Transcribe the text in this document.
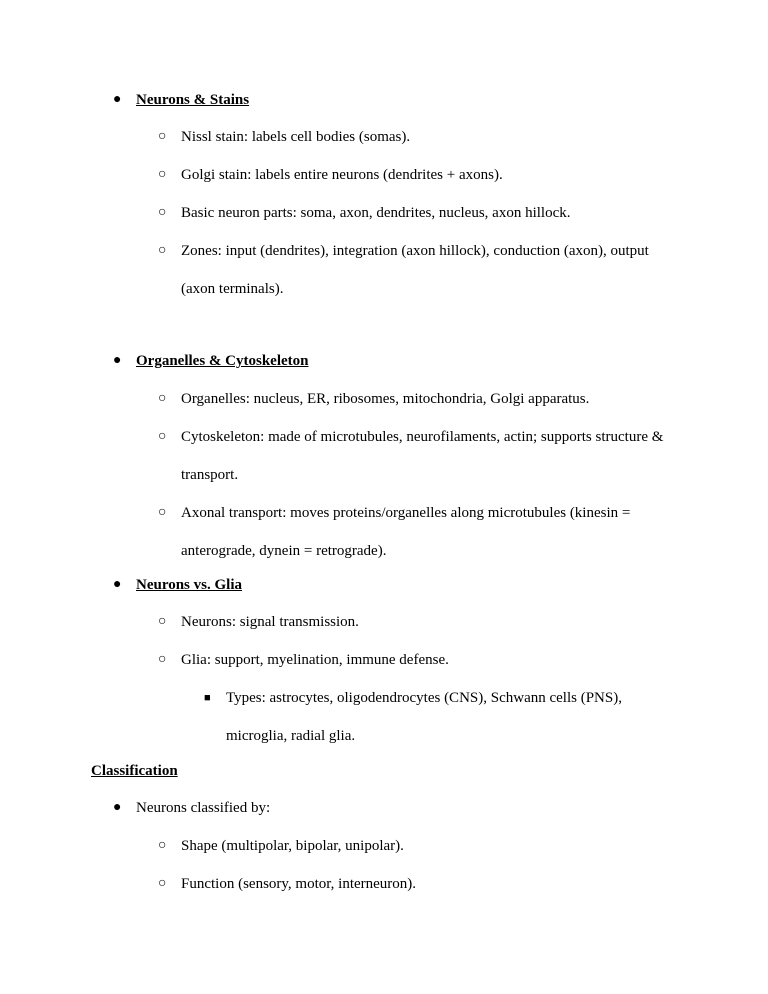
● Neurons & Stains
○ Nissl stain: labels cell bodies (somas).
○ Golgi stain: labels entire neurons (dendrites + axons).
○ Basic neuron parts: soma, axon, dendrites, nucleus, axon hillock.
○ Zones: input (dendrites), integration (axon hillock), conduction (axon), output
(axon terminals).
● Organelles & Cytoskeleton
○ Organelles: nucleus, ER, ribosomes, mitochondria, Golgi apparatus.
○ Cytoskeleton: made of microtubules, neurofilaments, actin; supports structure &
transport.
○ Axonal transport: moves proteins/organelles along microtubules (kinesin =
anterograde, dynein = retrograde).
● Neurons vs. Glia
○ Neurons: signal transmission.
○ Glia: support, myelination, immune defense.
■ Types: astrocytes, oligodendrocytes (CNS), Schwann cells (PNS),
microglia, radial glia.
Classification
● Neurons classified by:
○ Shape (multipolar, bipolar, unipolar).
○ Function (sensory, motor, interneuron).
